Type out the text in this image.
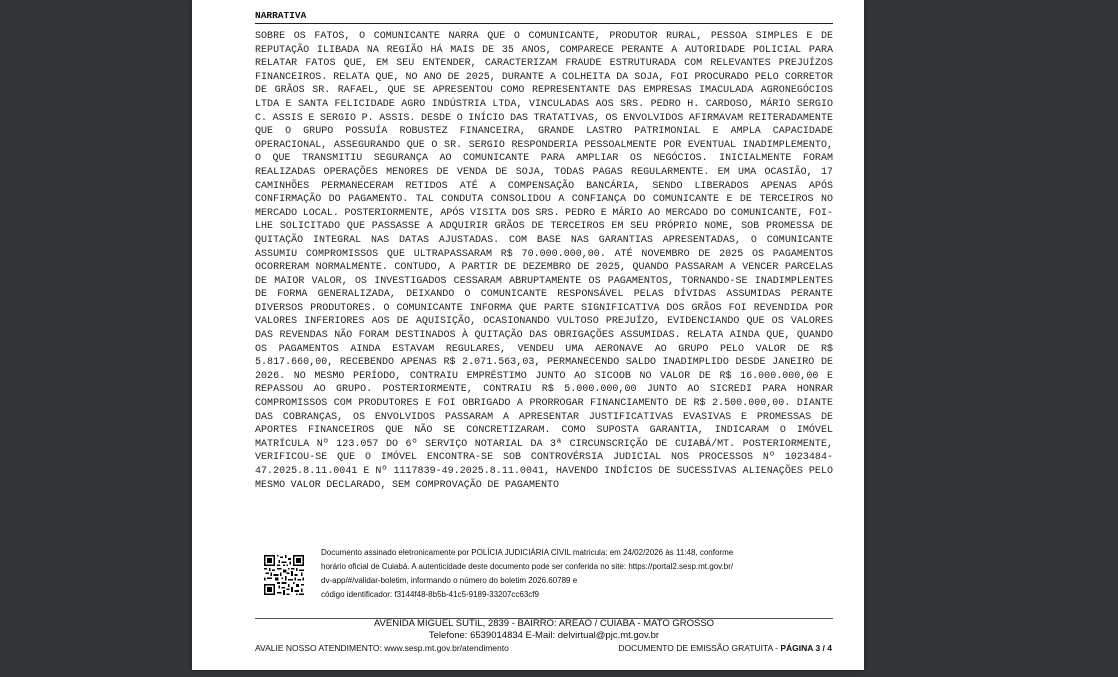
NARRATIVA
SOBRE OS FATOS, O COMUNICANTE NARRA QUE O COMUNICANTE, PRODUTOR RURAL, PESSOA SIMPLES E DE REPUTAÇÃO ILIBADA NA REGIÃO HÁ MAIS DE 35 ANOS, COMPARECE PERANTE A AUTORIDADE POLICIAL PARA RELATAR FATOS QUE, EM SEU ENTENDER, CARACTERIZAM FRAUDE ESTRUTURADA COM RELEVANTES PREJUÍZOS FINANCEIROS. RELATA QUE, NO ANO DE 2025, DURANTE A COLHEITA DA SOJA, FOI PROCURADO PELO CORRETOR DE GRÃOS SR. RAFAEL, QUE SE APRESENTOU COMO REPRESENTANTE DAS EMPRESAS IMACULADA AGRONEGÓCIOS LTDA E SANTA FELICIDADE AGRO INDÚSTRIA LTDA, VINCULADAS AOS SRS. PEDRO H. CARDOSO, MÁRIO SERGIO C. ASSIS E SERGIO P. ASSIS. DESDE O INÍCIO DAS TRATATIVAS, OS ENVOLVIDOS AFIRMAVAM REITERADAMENTE QUE O GRUPO POSSUÍA ROBUSTEZ FINANCEIRA, GRANDE LASTRO PATRIMONIAL E AMPLA CAPACIDADE OPERACIONAL, ASSEGURANDO QUE O SR. SERGIO RESPONDERIA PESSOALMENTE POR EVENTUAL INADIMPLEMENTO, O QUE TRANSMITIU SEGURANÇA AO COMUNICANTE PARA AMPLIAR OS NEGÓCIOS. INICIALMENTE FORAM REALIZADAS OPERAÇÕES MENORES DE VENDA DE SOJA, TODAS PAGAS REGULARMENTE. EM UMA OCASIÃO, 17 CAMINHÕES PERMANECERAM RETIDOS ATÉ A COMPENSAÇÃO BANCÁRIA, SENDO LIBERADOS APENAS APÓS CONFIRMAÇÃO DO PAGAMENTO. TAL CONDUTA CONSOLIDOU A CONFIANÇA DO COMUNICANTE E DE TERCEIROS NO MERCADO LOCAL. POSTERIORMENTE, APÓS VISITA DOS SRS. PEDRO E MÁRIO AO MERCADO DO COMUNICANTE, FOI-LHE SOLICITADO QUE PASSASSE A ADQUIRIR GRÃOS DE TERCEIROS EM SEU PRÓPRIO NOME, SOB PROMESSA DE QUITAÇÃO INTEGRAL NAS DATAS AJUSTADAS. COM BASE NAS GARANTIAS APRESENTADAS, O COMUNICANTE ASSUMIU COMPROMISSOS QUE ULTRAPASSARAM R$ 70.000.000,00. ATÉ NOVEMBRO DE 2025 OS PAGAMENTOS OCORRERAM NORMALMENTE. CONTUDO, A PARTIR DE DEZEMBRO DE 2025, QUANDO PASSARAM A VENCER PARCELAS DE MAIOR VALOR, OS INVESTIGADOS CESSARAM ABRUPTAMENTE OS PAGAMENTOS, TORNANDO-SE INADIMPLENTES DE FORMA GENERALIZADA, DEIXANDO O COMUNICANTE RESPONSÁVEL PELAS DÍVIDAS ASSUMIDAS PERANTE DIVERSOS PRODUTORES. O COMUNICANTE INFORMA QUE PARTE SIGNIFICATIVA DOS GRÃOS FOI REVENDIDA POR VALORES INFERIORES AOS DE AQUISIÇÃO, OCASIONANDO VULTOSO PREJUÍZO, EVIDENCIANDO QUE OS VALORES DAS REVENDAS NÃO FORAM DESTINADOS À QUITAÇÃO DAS OBRIGAÇÕES ASSUMIDAS. RELATA AINDA QUE, QUANDO OS PAGAMENTOS AINDA ESTAVAM REGULARES, VENDEU UMA AERONAVE AO GRUPO PELO VALOR DE R$ 5.817.660,00, RECEBENDO APENAS R$ 2.071.563,03, PERMANECENDO SALDO INADIMPLIDO DESDE JANEIRO DE 2026. NO MESMO PERÍODO, CONTRAIU EMPRÉSTIMO JUNTO AO SICOOB NO VALOR DE R$ 16.000.000,00 E REPASSOU AO GRUPO. POSTERIORMENTE, CONTRAIU R$ 5.000.000,00 JUNTO AO SICREDI PARA HONRAR COMPROMISSOS COM PRODUTORES E FOI OBRIGADO A PRORROGAR FINANCIAMENTO DE R$ 2.500.000,00. DIANTE DAS COBRANÇAS, OS ENVOLVIDOS PASSARAM A APRESENTAR JUSTIFICATIVAS EVASIVAS E PROMESSAS DE APORTES FINANCEIROS QUE NÃO SE CONCRETIZARAM. COMO SUPOSTA GARANTIA, INDICARAM O IMÓVEL MATRÍCULA Nº 123.057 DO 6º SERVIÇO NOTARIAL DA 3ª CIRCUNSCRIÇÃO DE CUIABÁ/MT. POSTERIORMENTE, VERIFICOU-SE QUE O IMÓVEL ENCONTRA-SE SOB CONTROVÉRSIA JUDICIAL NOS PROCESSOS Nº 1023484-47.2025.8.11.0041 E Nº 1117839-49.2025.8.11.0041, HAVENDO INDÍCIOS DE SUCESSIVAS ALIENAÇÕES PELO MESMO VALOR DECLARADO, SEM COMPROVAÇÃO DE PAGAMENTO
Documento assinado eletronicamente por POLÍCIA JUDICIÁRIA CIVIL matricula: em 24/02/2026 às 11:48, conforme
horário oficial de Cuiabá. A autenticidade deste documento pode ser conferida no site: https://portal2.sesp.mt.gov.br/
dv-app/#/validar-boletim, informando o número do boletim 2026.60789 e
código identificador: f3144f48-8b5b-41c5-9189-33207cc63cf9
AVENIDA MIGUEL SUTIL, 2839 - BAIRRO: AREAO / CUIABA - MATO GROSSO
Telefone: 6539014834 E-Mail: delvirtual@pjc.mt.gov.br
AVALIE NOSSO ATENDIMENTO: www.sesp.mt.gov.br/atendimento	DOCUMENTO DE EMISSÃO GRATUITA - PÁGINA 3 / 4
